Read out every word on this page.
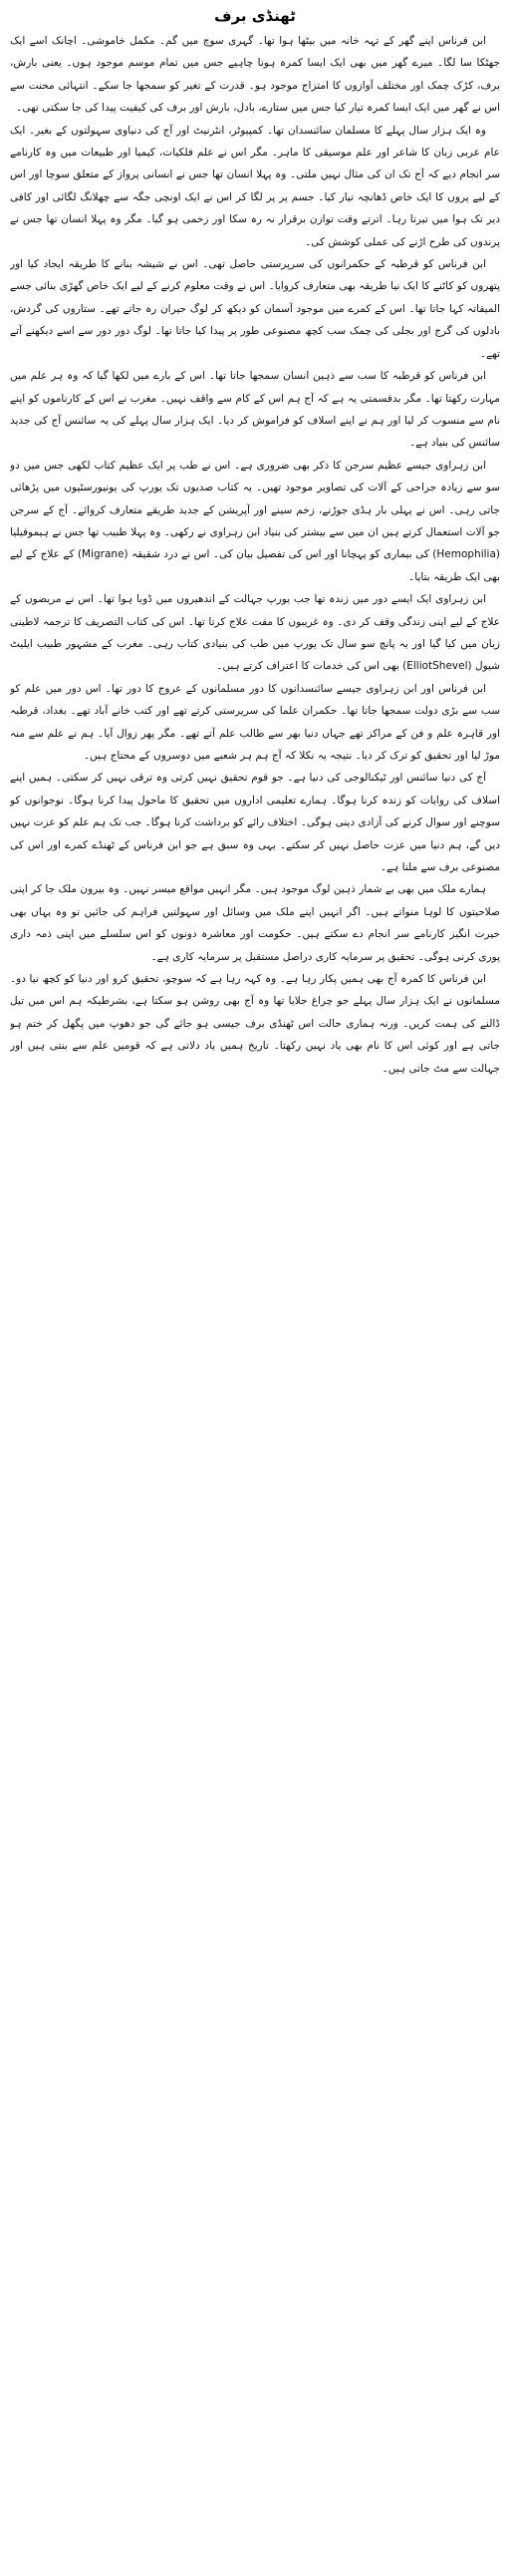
ٹھنڈی برف

ابن فرناس اپنے گھر کے تہہ خانہ میں بیٹھا ہوا تھا۔ گہری سوچ میں گم۔ مکمل خاموشی۔ اچانک اسے ایک جھٹکا سا لگا۔ میرے گھر میں بھی ایک ایسا کمرہ ہونا چاہیے جس میں تمام موسم موجود ہوں۔ یعنی بارش، برف، کڑک چمک اور مختلف آوازوں کا امتزاج موجود ہو۔ قدرت کے تغیر کو سمجھا جا سکے۔ انتہائی محنت سے اس نے گھر میں ایک ایسا کمرہ تیار کیا جس میں ستارے، بادل، بارش اور برف کی کیفیت پیدا کی جا سکتی تھی۔

وہ ایک ہزار سال پہلے کا مسلمان سائنسدان تھا۔ کمپیوٹر، انٹرنیٹ اور آج کی دنیاوی سہولتوں کے بغیر۔ ایک عام عربی زبان کا شاعر اور علم موسیقی کا ماہر۔ مگر اس نے علم فلکیات، کیمیا اور طبیعات میں وہ کارنامے سر انجام دیے کہ آج تک ان کی مثال نہیں ملتی۔ وہ پہلا انسان تھا جس نے انسانی پرواز کے متعلق سوچا اور اس کے لیے پروں کا ایک خاص ڈھانچہ تیار کیا۔ جسم پر پر لگا کر اس نے ایک اونچی جگہ سے چھلانگ لگائی اور کافی دیر تک ہوا میں تیرتا رہا۔ اترتے وقت توازن برقرار نہ رہ سکا اور زخمی ہو گیا۔ مگر وہ پہلا انسان تھا جس نے پرندوں کی طرح اڑنے کی عملی کوشش کی۔

ابن فرناس کو قرطبہ کے حکمرانوں کی سرپرستی حاصل تھی۔ اس نے شیشہ بنانے کا طریقہ ایجاد کیا اور پتھروں کو کاٹنے کا ایک نیا طریقہ بھی متعارف کروایا۔ اس نے وقت معلوم کرنے کے لیے ایک خاص گھڑی بنائی جسے المیقاتہ کہا جاتا تھا۔ اس کے کمرے میں موجود آسمان کو دیکھ کر لوگ حیران رہ جاتے تھے۔ ستاروں کی گردش، بادلوں کی گرج اور بجلی کی چمک سب کچھ مصنوعی طور پر پیدا کیا جاتا تھا۔ لوگ دور دور سے اسے دیکھنے آتے تھے۔

ابن فرناس کو قرطبہ کا سب سے ذہین انسان سمجھا جاتا تھا۔ اس کے بارے میں لکھا گیا کہ وہ ہر علم میں مہارت رکھتا تھا۔ مگر بدقسمتی یہ ہے کہ آج ہم اس کے کام سے واقف نہیں۔ مغرب نے اس کے کارناموں کو اپنے نام سے منسوب کر لیا اور ہم نے اپنے اسلاف کو فراموش کر دیا۔ ایک ہزار سال پہلے کی یہ سائنس آج کی جدید سائنس کی بنیاد ہے۔

ابن زہراوی جیسے عظیم سرجن کا ذکر بھی ضروری ہے۔ اس نے طب پر ایک عظیم کتاب لکھی جس میں دو سو سے زیادہ جراحی کے آلات کی تصاویر موجود تھیں۔ یہ کتاب صدیوں تک یورپ کی یونیورسٹیوں میں پڑھائی جاتی رہی۔ اس نے پہلی بار ہڈی جوڑنے، زخم سینے اور آپریشن کے جدید طریقے متعارف کروائے۔ آج کے سرجن جو آلات استعمال کرتے ہیں ان میں سے بیشتر کی بنیاد ابن زہراوی نے رکھی۔ وہ پہلا طبیب تھا جس نے ہیموفیلیا (Hemophilia) کی بیماری کو پہچانا اور اس کی تفصیل بیان کی۔ اس نے درد شقیقہ (Migrane) کے علاج کے لیے بھی ایک طریقہ بتایا۔

ابن زہراوی ایک ایسے دور میں زندہ تھا جب یورپ جہالت کے اندھیروں میں ڈوبا ہوا تھا۔ اس نے مریضوں کے علاج کے لیے اپنی زندگی وقف کر دی۔ وہ غریبوں کا مفت علاج کرتا تھا۔ اس کی کتاب التصریف کا ترجمہ لاطینی زبان میں کیا گیا اور یہ پانچ سو سال تک یورپ میں طب کی بنیادی کتاب رہی۔ مغرب کے مشہور طبیب ایلیٹ شیول (ElliotShevel) بھی اس کی خدمات کا اعتراف کرتے ہیں۔

ابن فرناس اور ابن زہراوی جیسے سائنسدانوں کا دور مسلمانوں کے عروج کا دور تھا۔ اس دور میں علم کو سب سے بڑی دولت سمجھا جاتا تھا۔ حکمران علما کی سرپرستی کرتے تھے اور کتب خانے آباد تھے۔ بغداد، قرطبہ اور قاہرہ علم و فن کے مراکز تھے جہاں دنیا بھر سے طالب علم آتے تھے۔ مگر پھر زوال آیا۔ ہم نے علم سے منہ موڑ لیا اور تحقیق کو ترک کر دیا۔ نتیجہ یہ نکلا کہ آج ہم ہر شعبے میں دوسروں کے محتاج ہیں۔

آج کی دنیا سائنس اور ٹیکنالوجی کی دنیا ہے۔ جو قوم تحقیق نہیں کرتی وہ ترقی نہیں کر سکتی۔ ہمیں اپنے اسلاف کی روایات کو زندہ کرنا ہوگا۔ ہمارے تعلیمی اداروں میں تحقیق کا ماحول پیدا کرنا ہوگا۔ نوجوانوں کو سوچنے اور سوال کرنے کی آزادی دینی ہوگی۔ اختلاف رائے کو برداشت کرنا ہوگا۔ جب تک ہم علم کو عزت نہیں دیں گے، ہم دنیا میں عزت حاصل نہیں کر سکتے۔ یہی وہ سبق ہے جو ابن فرناس کے ٹھنڈے کمرے اور اس کی مصنوعی برف سے ملتا ہے۔

ہمارے ملک میں بھی بے شمار ذہین لوگ موجود ہیں۔ مگر انہیں مواقع میسر نہیں۔ وہ بیرون ملک جا کر اپنی صلاحیتوں کا لوہا منواتے ہیں۔ اگر انہیں اپنے ملک میں وسائل اور سہولتیں فراہم کی جائیں تو وہ یہاں بھی حیرت انگیز کارنامے سر انجام دے سکتے ہیں۔ حکومت اور معاشرہ دونوں کو اس سلسلے میں اپنی ذمہ داری پوری کرنی ہوگی۔ تحقیق پر سرمایہ کاری دراصل مستقبل پر سرمایہ کاری ہے۔

ابن فرناس کا کمرہ آج بھی ہمیں پکار رہا ہے۔ وہ کہہ رہا ہے کہ سوچو، تحقیق کرو اور دنیا کو کچھ نیا دو۔ مسلمانوں نے ایک ہزار سال پہلے جو چراغ جلایا تھا وہ آج بھی روشن ہو سکتا ہے، بشرطیکہ ہم اس میں تیل ڈالنے کی ہمت کریں۔ ورنہ ہماری حالت اس ٹھنڈی برف جیسی ہو جائے گی جو دھوپ میں پگھل کر ختم ہو جاتی ہے اور کوئی اس کا نام بھی یاد نہیں رکھتا۔ تاریخ ہمیں یاد دلاتی ہے کہ قومیں علم سے بنتی ہیں اور جہالت سے مٹ جاتی ہیں۔
